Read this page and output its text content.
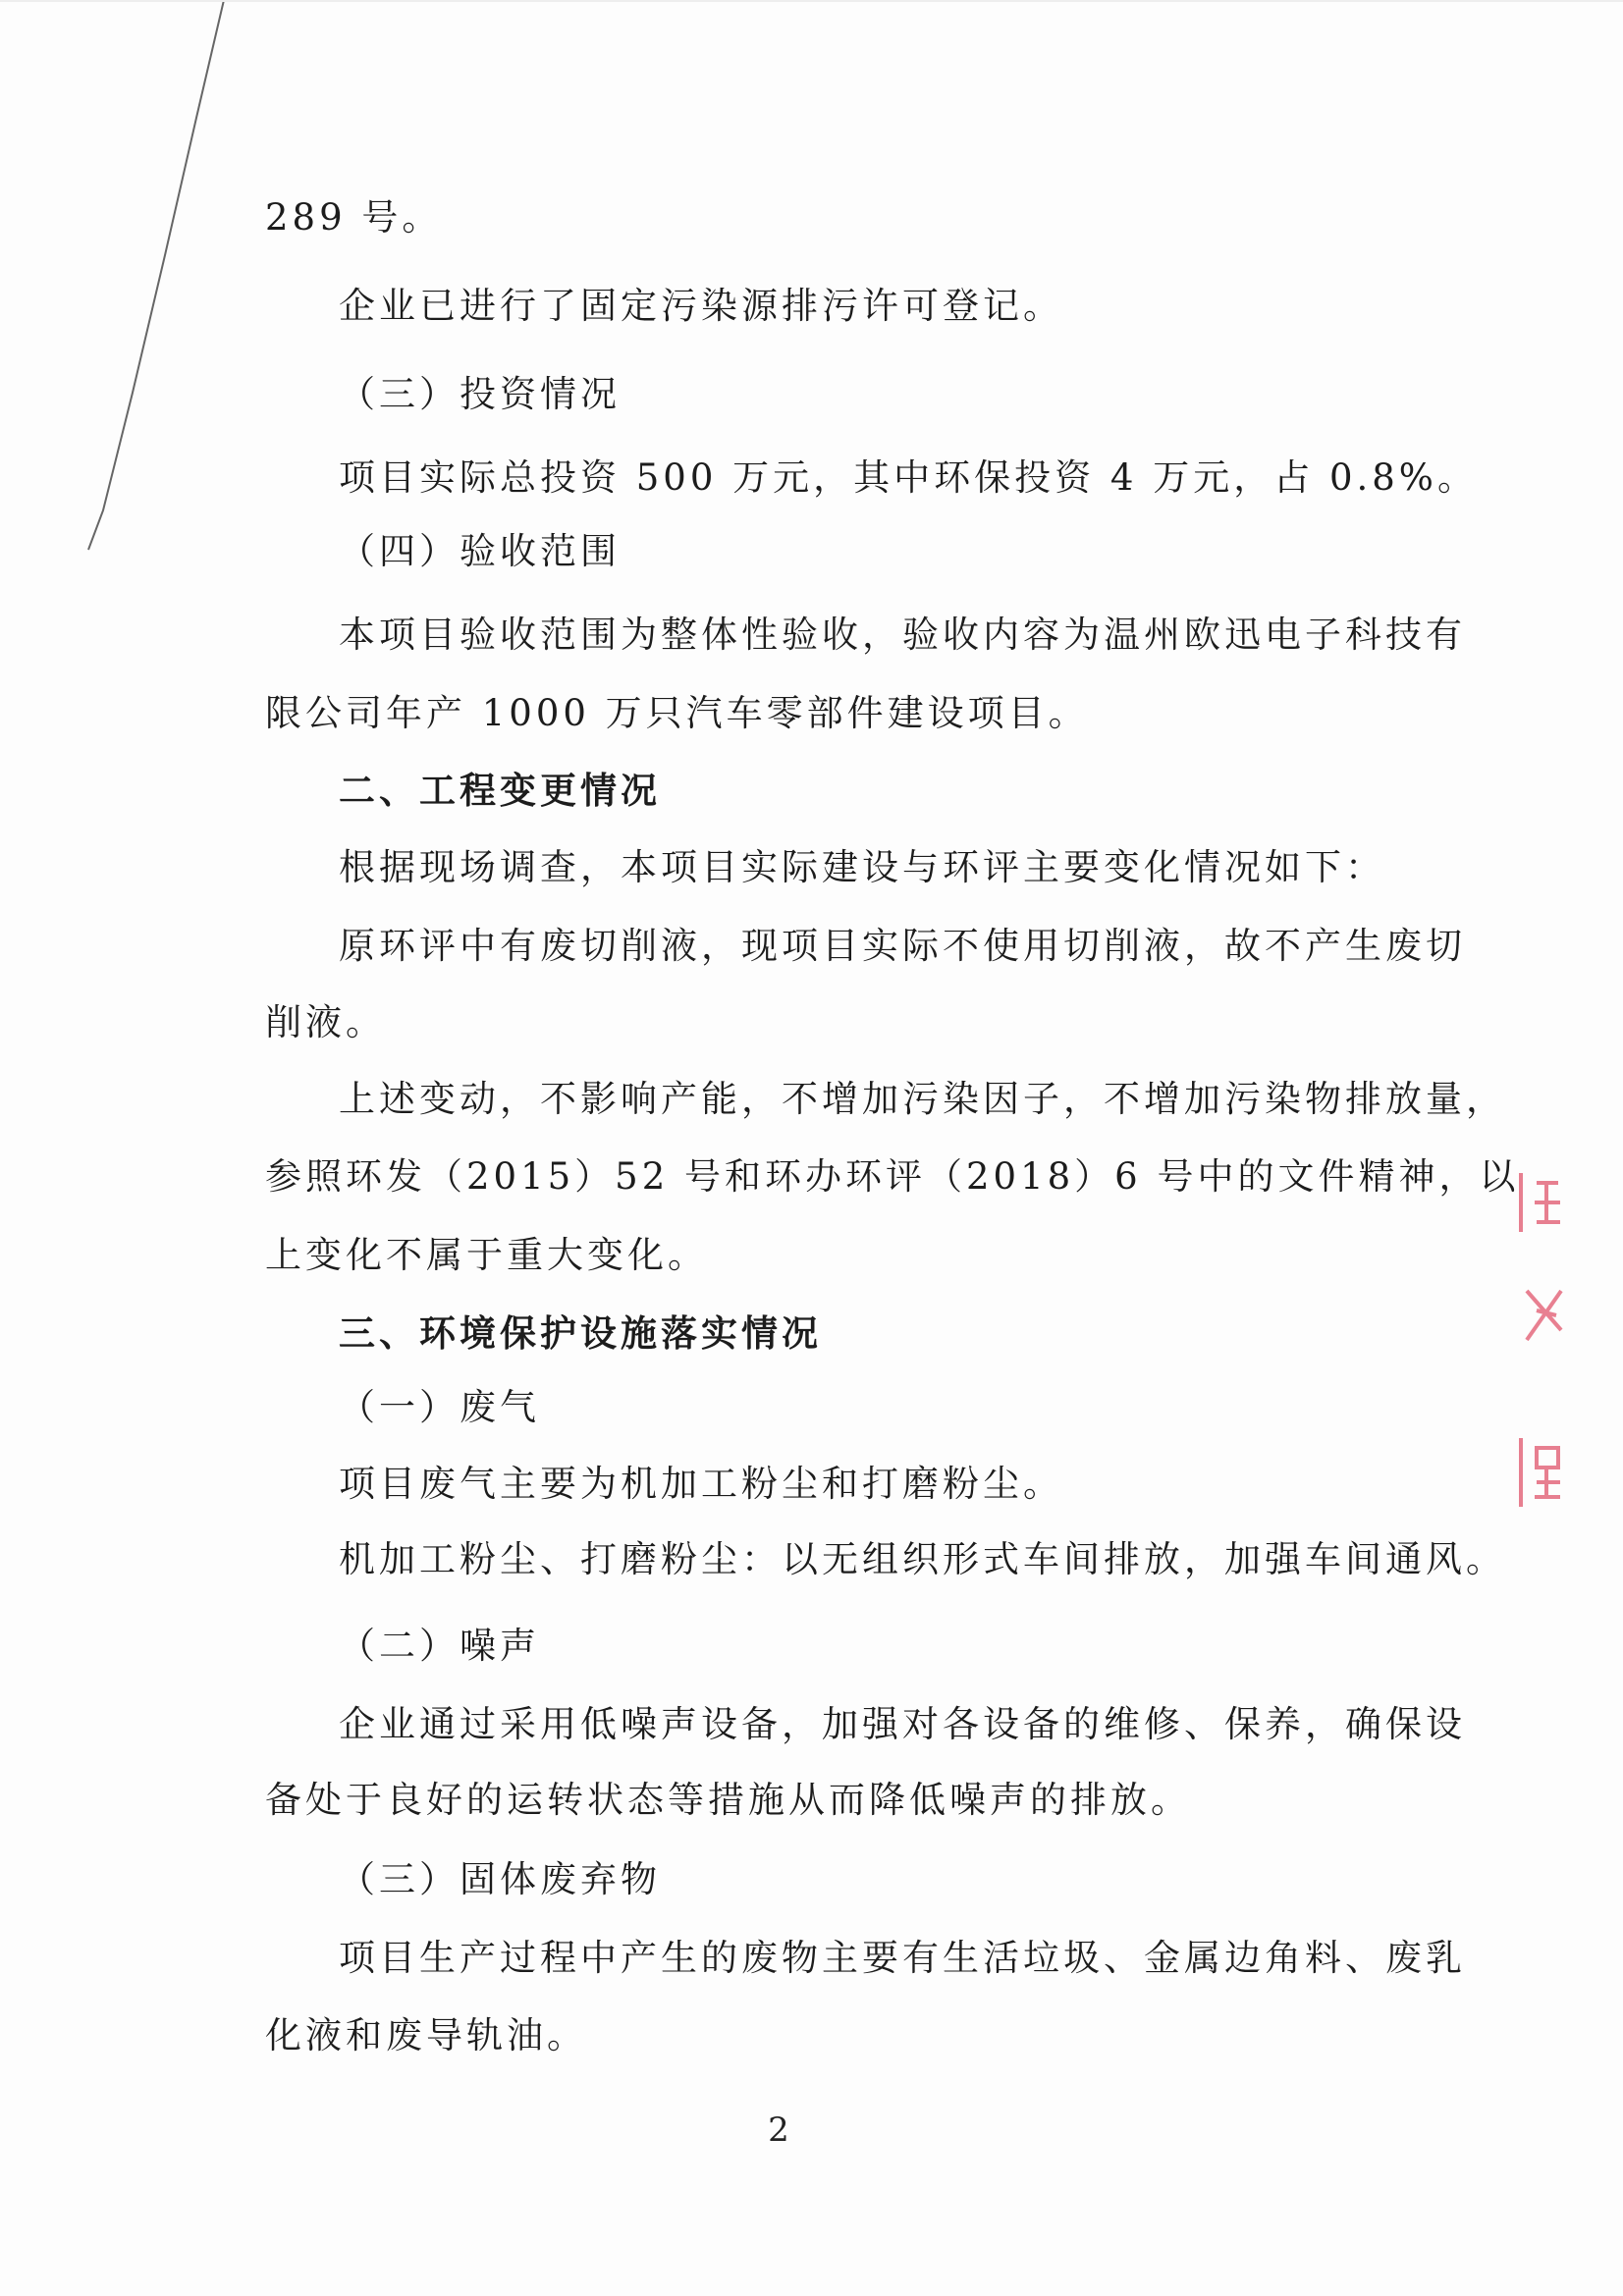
289 号。
企业已进行了固定污染源排污许可登记。
（三）投资情况
项目实际总投资 500 万元，其中环保投资 4 万元，占 0.8%。
（四）验收范围
本项目验收范围为整体性验收，验收内容为温州欧迅电子科技有
限公司年产 1000 万只汽车零部件建设项目。
二、工程变更情况
根据现场调查，本项目实际建设与环评主要变化情况如下：
原环评中有废切削液，现项目实际不使用切削液，故不产生废切
削液。
上述变动，不影响产能，不增加污染因子，不增加污染物排放量，
参照环发（2015）52 号和环办环评（2018）6 号中的文件精神，以
上变化不属于重大变化。
三、环境保护设施落实情况
（一）废气
项目废气主要为机加工粉尘和打磨粉尘。
机加工粉尘、打磨粉尘：以无组织形式车间排放，加强车间通风。
（二）噪声
企业通过采用低噪声设备，加强对各设备的维修、保养，确保设
备处于良好的运转状态等措施从而降低噪声的排放。
（三）固体废弃物
项目生产过程中产生的废物主要有生活垃圾、金属边角料、废乳
化液和废导轨油。
2
